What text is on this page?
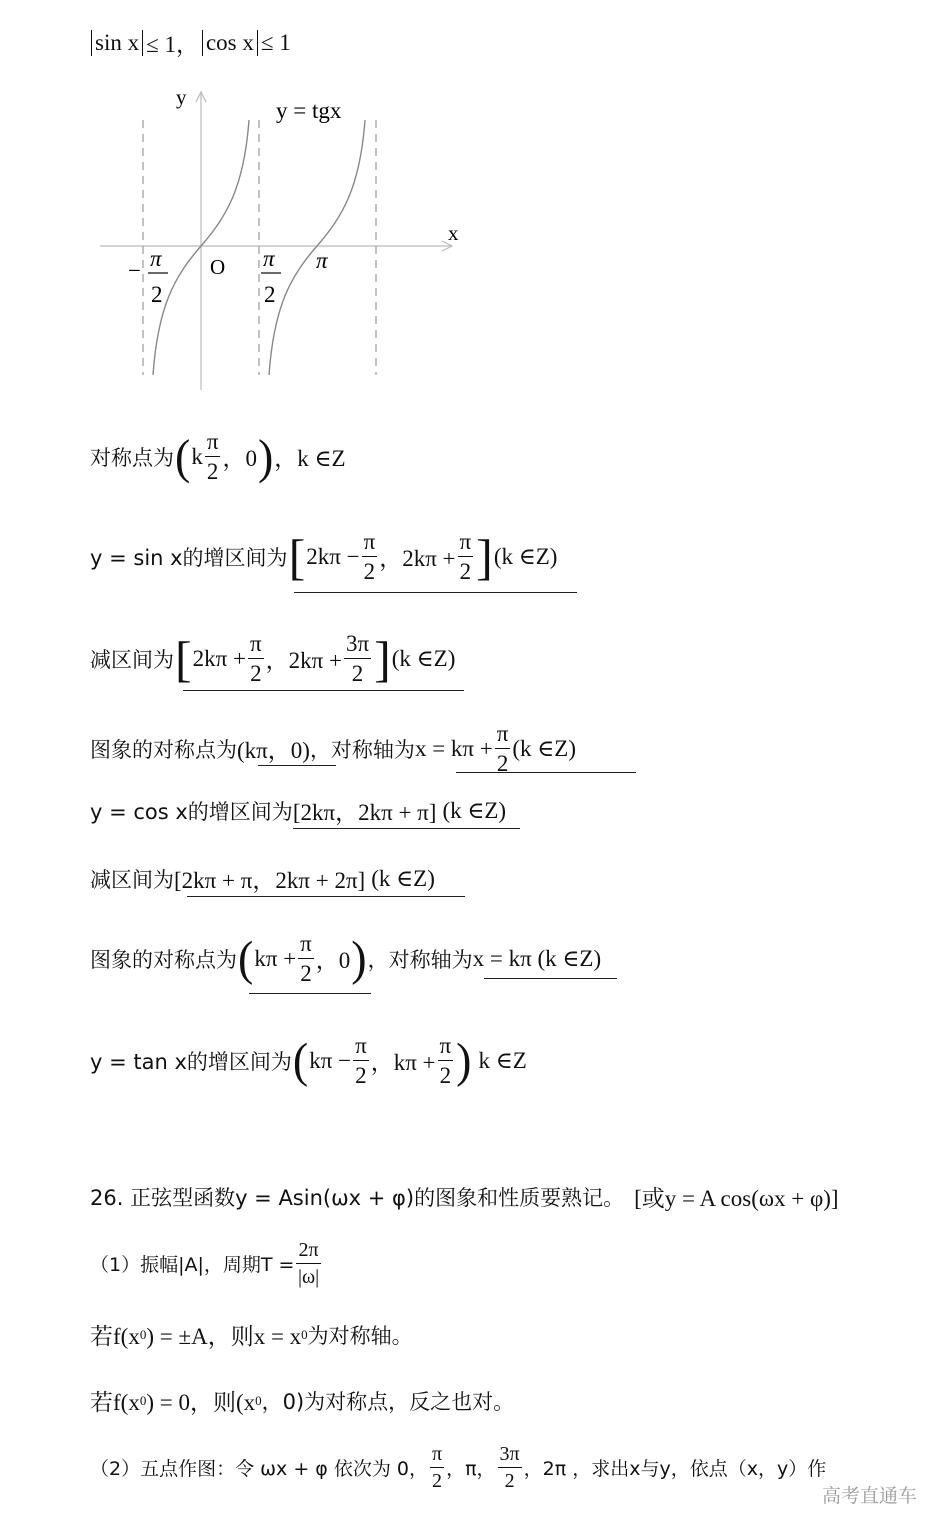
sin x ≤ 1， cos x ≤ 1
y
x
y = tgx
O
− π
2
π
2
π
对称点为 ( k $\frac{\pi}{2}$ ，0 ) ，k ∈Z
y = sin x的增区间为 [ $2k\pi - \frac{\pi}{2}$ ，$2k\pi + \frac{\pi}{2}$ ] (k ∈Z)
减区间为 [ $2k\pi + \frac{\pi}{2}$ ，$2k\pi + \frac{3\pi}{2}$ ] (k ∈Z)
图象的对称点为 (kπ，0) ，对称轴为 $x = k\pi + \frac{\pi}{2} (k$ ∈Z)
y = cos x的增区间为 [2kπ，2kπ + π] (k ∈Z)
减区间为 [2kπ + π，2kπ + 2π] (k ∈Z)
图象的对称点为 ( $k\pi + \frac{\pi}{2}$ ，0 ) ，对称轴为 x = kπ (k ∈Z)
y = tan x的增区间为 ( $k\pi - \frac{\pi}{2}$ ，$k\pi + \frac{\pi}{2}$ ) k ∈Z
26. 正弦型函数y = Asin(ωx + φ)的图象和性质要熟记。 [或y = A cos(ωx + φ)]
（1）振幅|A|，周期$T = \frac{2\pi}{|\omega|}$
若f(x 0 ) = ±A，则x = x 0 为对称轴。
若f(x 0 ) = 0，则(x 0 ，0)为对称点，反之也对。
（2）五点作图：令 ωx + φ 依次为 0， $\frac{\pi}{2}$ ，π， $\frac{3\pi}{2}$ ，2π ，求出x与y，依点（x，y）作
高考直通车
